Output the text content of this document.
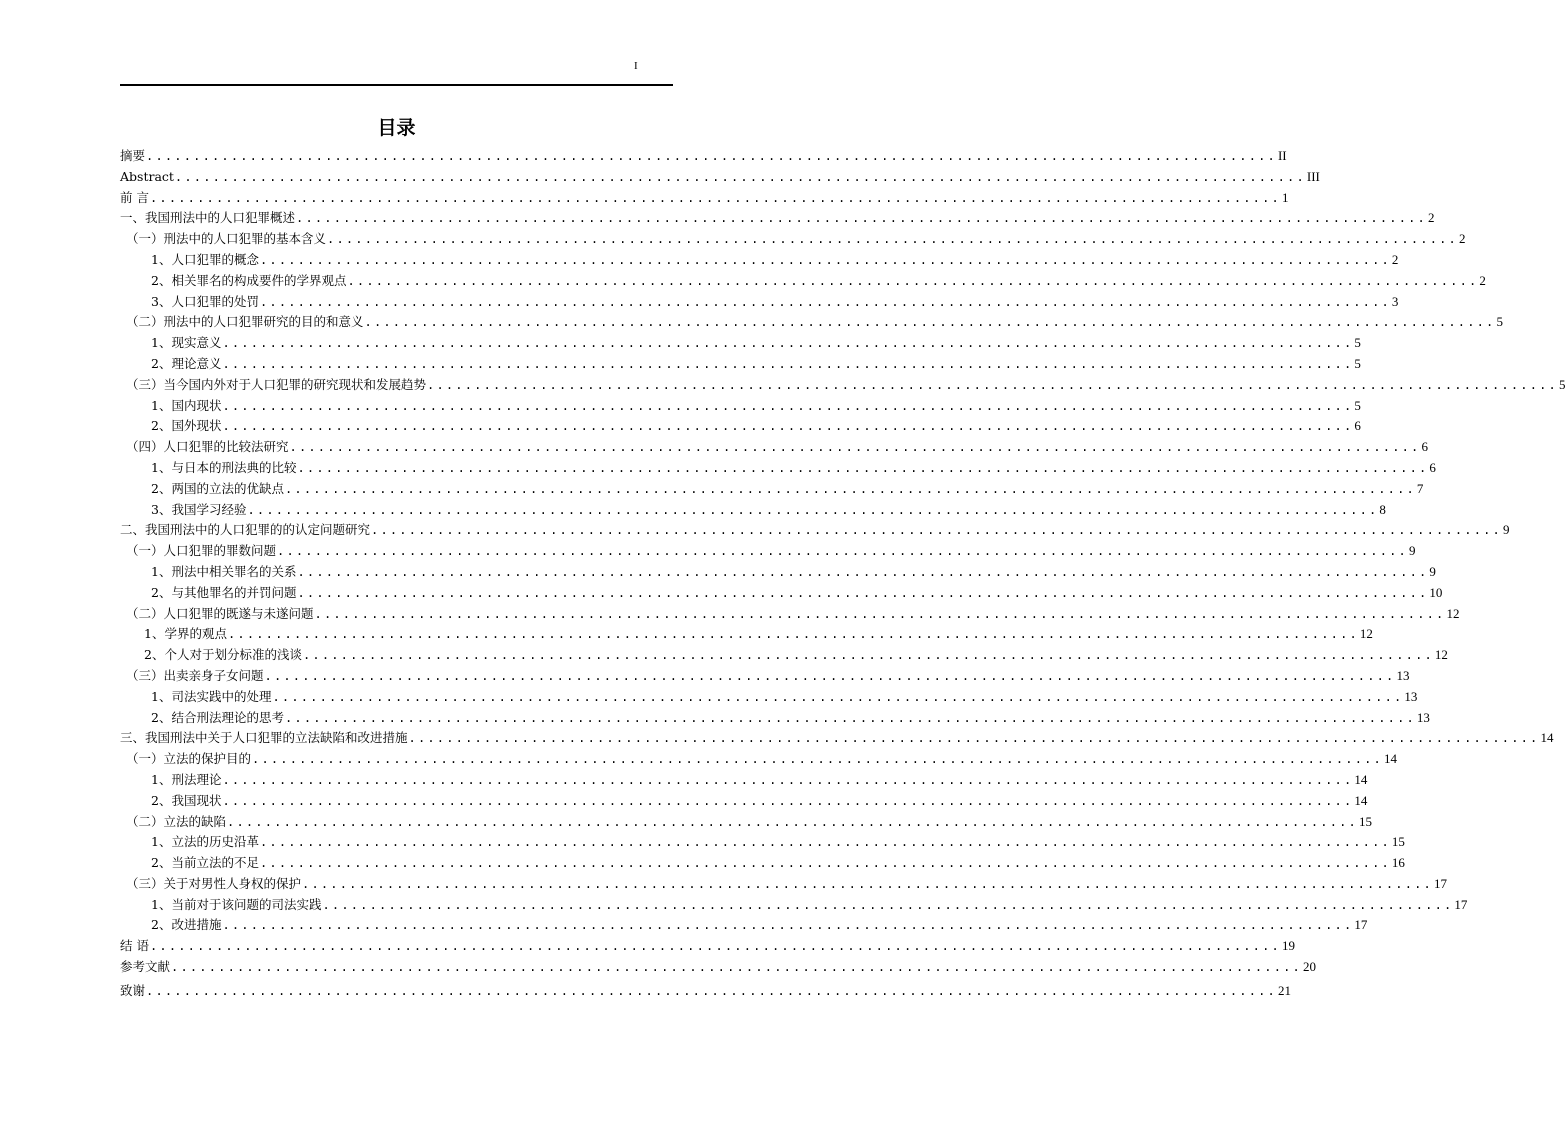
I
目录
摘要 ........................................................................................................................ II
Abstract ........................................................................................................................ III
前 言 ........................................................................................................................ 1
一、我国刑法中的人口犯罪概述 ........................................................................................................................ 2
（一）刑法中的人口犯罪的基本含义 ........................................................................................................................ 2
1、人口犯罪的概念 ........................................................................................................................ 2
2、相关罪名的构成要件的学界观点 ........................................................................................................................ 2
3、人口犯罪的处罚 ........................................................................................................................ 3
（二）刑法中的人口犯罪研究的目的和意义 ........................................................................................................................ 5
1、现实意义 ........................................................................................................................ 5
2、理论意义 ........................................................................................................................ 5
（三）当今国内外对于人口犯罪的研究现状和发展趋势 ........................................................................................................................ 5
1、国内现状 ........................................................................................................................ 5
2、国外现状 ........................................................................................................................ 6
（四）人口犯罪的比较法研究 ........................................................................................................................ 6
1、与日本的刑法典的比较 ........................................................................................................................ 6
2、两国的立法的优缺点 ........................................................................................................................ 7
3、我国学习经验 ........................................................................................................................ 8
二、我国刑法中的人口犯罪的的认定问题研究 ........................................................................................................................ 9
（一）人口犯罪的罪数问题 ........................................................................................................................ 9
1、刑法中相关罪名的关系 ........................................................................................................................ 9
2、与其他罪名的并罚问题 ........................................................................................................................ 10
（二）人口犯罪的既遂与未遂问题 ........................................................................................................................ 12
1、学界的观点 ........................................................................................................................ 12
2、个人对于划分标准的浅谈 ........................................................................................................................ 12
（三）出卖亲身子女问题 ........................................................................................................................ 13
1、司法实践中的处理 ........................................................................................................................ 13
2、结合刑法理论的思考 ........................................................................................................................ 13
三、我国刑法中关于人口犯罪的立法缺陷和改进措施 ........................................................................................................................ 14
（一）立法的保护目的 ........................................................................................................................ 14
1、刑法理论 ........................................................................................................................ 14
2、我国现状 ........................................................................................................................ 14
（二）立法的缺陷 ........................................................................................................................ 15
1、立法的历史沿革 ........................................................................................................................ 15
2、当前立法的不足 ........................................................................................................................ 16
（三）关于对男性人身权的保护 ........................................................................................................................ 17
1、当前对于该问题的司法实践 ........................................................................................................................ 17
2、改进措施 ........................................................................................................................ 17
结 语 ........................................................................................................................ 19
参考文献 ........................................................................................................................ 20
致谢 ........................................................................................................................ 21
